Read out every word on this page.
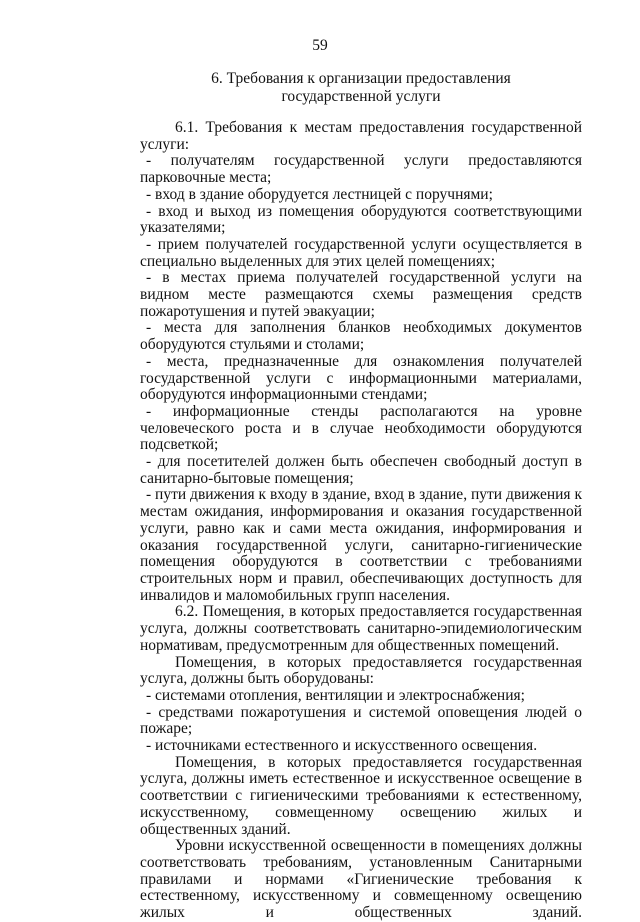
59
6. Требования к организации предоставления
государственной услуги

6.1. Требования к местам предоставления государственной услуги:

- получателям государственной услуги предоставляются парковочные места;

- вход в здание оборудуется лестницей с поручнями;

- вход и выход из помещения оборудуются соответствующими указателями;

- прием получателей государственной услуги осуществляется в специально выделенных для этих целей помещениях;

- в местах приема получателей государственной услуги на видном месте размещаются схемы размещения средств пожаротушения и путей эвакуации;

- места для заполнения бланков необходимых документов оборудуются стульями и столами;

- места, предназначенные для ознакомления получателей государственной услуги с информационными материалами, оборудуются информационными стендами;

- информационные стенды располагаются на уровне человеческого роста и в случае необходимости оборудуются подсветкой;

- для посетителей должен быть обеспечен свободный доступ в санитарно-бытовые помещения;

- пути движения к входу в здание, вход в здание, пути движения к местам ожидания, информирования и оказания государственной услуги, равно как и сами места ожидания, информирования и оказания государственной услуги, санитарно-гигиенические помещения оборудуются в соответствии с требованиями строительных норм и правил, обеспечивающих доступность для инвалидов и маломобильных групп населения.

6.2. Помещения, в которых предоставляется государственная услуга, должны соответствовать санитарно-эпидемиологическим нормативам, предусмотренным для общественных помещений.

Помещения, в которых предоставляется государственная услуга, должны быть оборудованы:

- системами отопления, вентиляции и электроснабжения;

- средствами пожаротушения и системой оповещения людей о пожаре;

- источниками естественного и искусственного освещения.

Помещения, в которых предоставляется государственная услуга, должны иметь естественное и искусственное освещение в соответствии с гигиеническими требованиями к естественному, искусственному, совмещенному освещению жилых и общественных зданий.

Уровни искусственной освещенности в помещениях должны соответствовать требованиям, установленным Санитарными правилами и нормами «Гигиенические требования к естественному, искусственному и совмещенному освещению жилых и общественных зданий.
